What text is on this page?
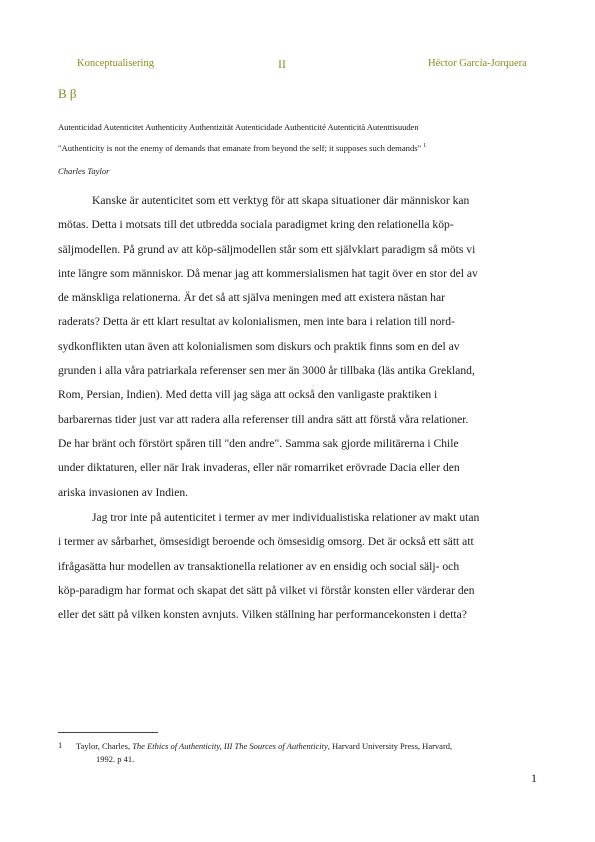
Konceptualisering	II	Héctor García-Jorquera
Β β
Autenticidad Autenticitet Authenticity Authentizität Autenticidade Authenticité Autenticità Autenttisuuden
"Authenticity is not the enemy of demands that emanate from beyond the self; it supposes such demands" $^1$
Charles Taylor
Kanske är autenticitet som ett verktyg för att skapa situationer där människor kan
mötas. Detta i motsats till det utbredda sociala paradigmet kring den relationella köp-
säljmodellen. På grund av att köp-säljmodellen står som ett självklart paradigm så möts vi
inte längre som människor. Då menar jag att kommersialismen hat tagit över en stor del av
de mänskliga relationerna. Är det så att själva meningen med att existera nästan har
raderats? Detta är ett klart resultat av kolonialismen, men inte bara i relation till nord-
sydkonflikten utan även att kolonialismen som diskurs och praktik finns som en del av
grunden i alla våra patriarkala referenser sen mer än 3000 år tillbaka (läs antika Grekland,
Rom, Persian, Indien). Med detta vill jag säga att också den vanligaste praktiken i
barbarernas tider just var att radera alla referenser till andra sätt att förstå våra relationer.
De har bränt och förstört spåren till "den andre". Samma sak gjorde militärerna i Chile
under diktaturen, eller när Irak invaderas, eller när romarriket erövrade Dacia eller den
ariska invasionen av Indien.
Jag tror inte på autenticitet i termer av mer individualistiska relationer av makt utan
i termer av sårbarhet, ömsesidigt beroende och ömsesidig omsorg. Det är också ett sätt att
ifrågasätta hur modellen av transaktionella relationer av en ensidig och social sälj- och
köp-paradigm har format och skapat det sätt på vilket vi förstår konsten eller värderar den
eller det sätt på vilken konsten avnjuts. Vilken ställning har performancekonsten i detta?
1 Taylor, Charles, The Ethics of Authenticity, III The Sources of Authenticity, Harvard University Press, Harvard,
1992. p 41.
1
